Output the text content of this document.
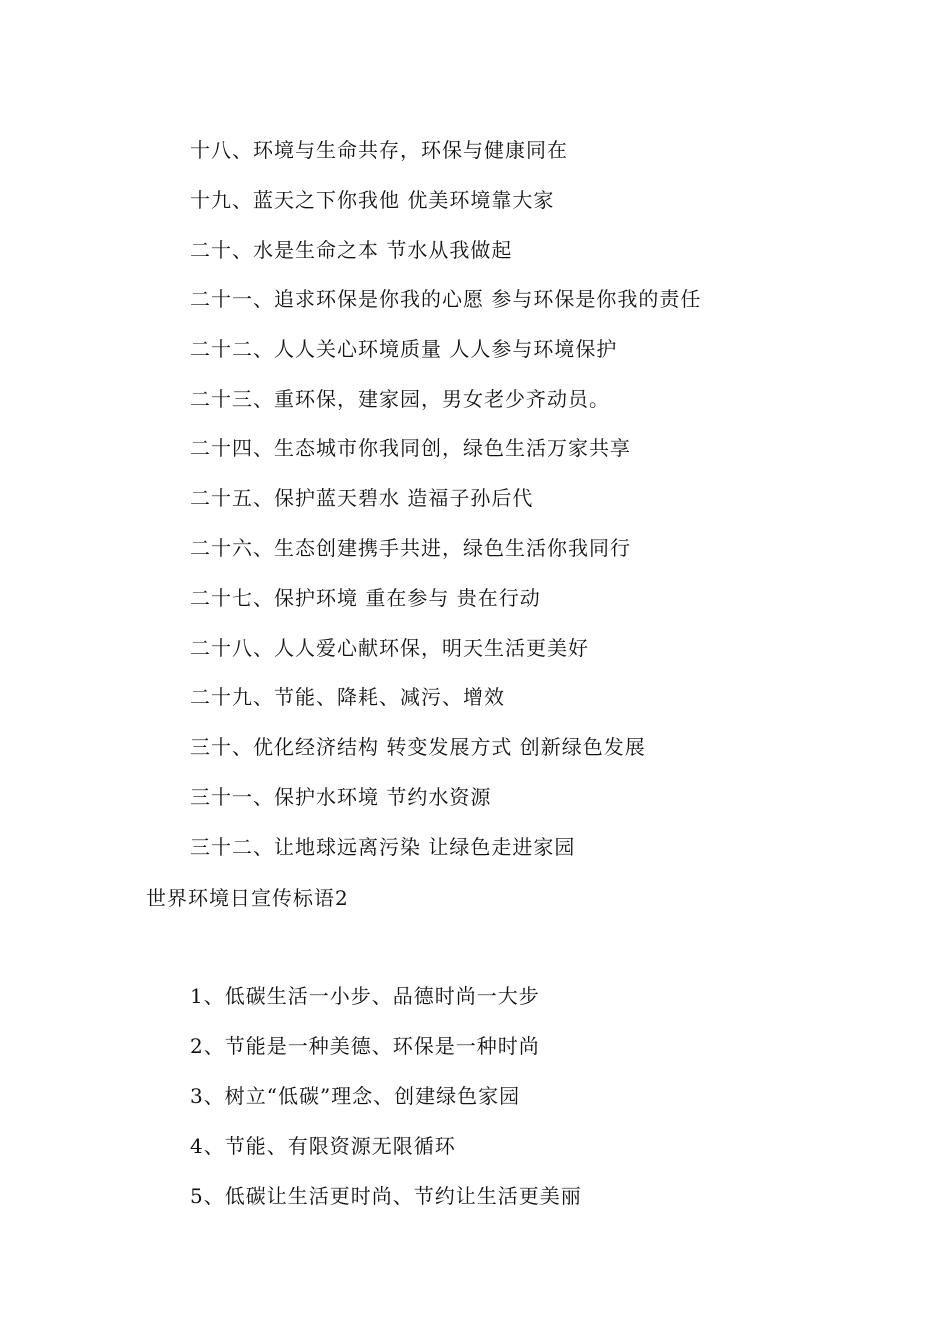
十八、环境与生命共存，环保与健康同在
十九、蓝天之下你我他 优美环境靠大家
二十、水是生命之本 节水从我做起
二十一、追求环保是你我的心愿 参与环保是你我的责任
二十二、人人关心环境质量 人人参与环境保护
二十三、重环保，建家园，男女老少齐动员。
二十四、生态城市你我同创，绿色生活万家共享
二十五、保护蓝天碧水 造福子孙后代
二十六、生态创建携手共进，绿色生活你我同行
二十七、保护环境 重在参与 贵在行动
二十八、人人爱心献环保，明天生活更美好
二十九、节能、降耗、减污、增效
三十、优化经济结构 转变发展方式 创新绿色发展
三十一、保护水环境 节约水资源
三十二、让地球远离污染 让绿色走进家园
世界环境日宣传标语2
1、低碳生活一小步、品德时尚一大步
2、节能是一种美德、环保是一种时尚
3、树立“低碳”理念、创建绿色家园
4、节能、有限资源无限循环
5、低碳让生活更时尚、节约让生活更美丽
